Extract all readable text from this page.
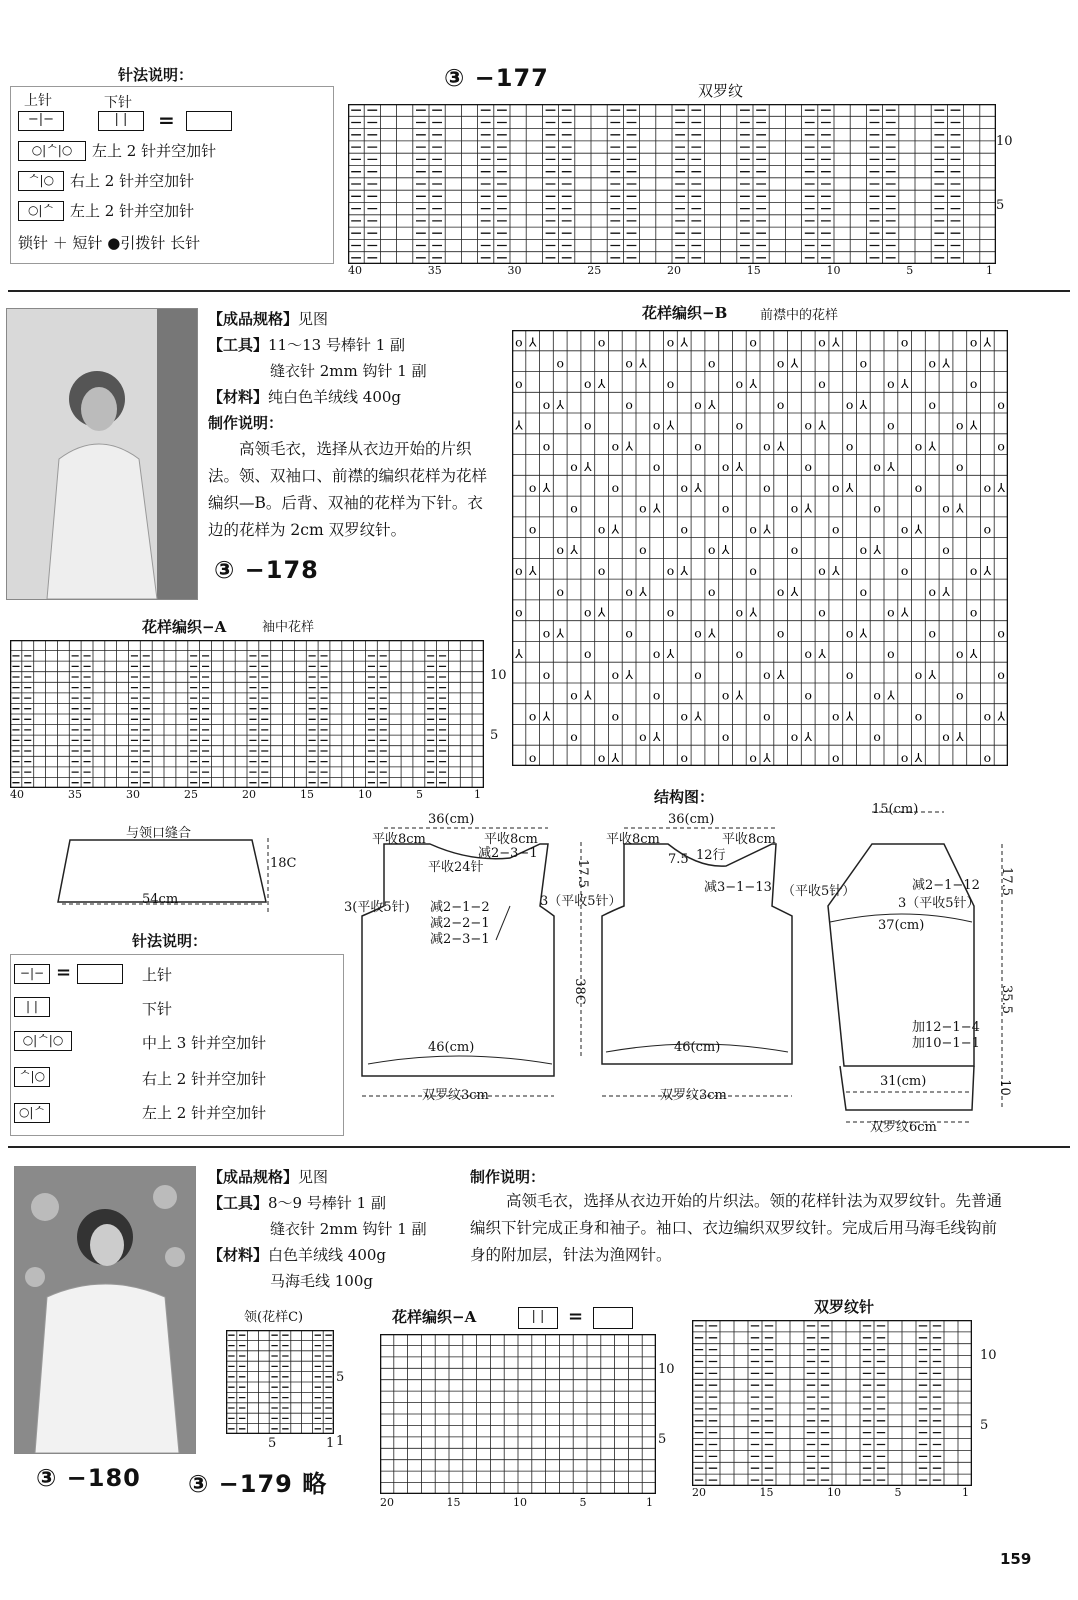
针法说明：
上针	下针
−|−	| |	=
○|ᄉ|○	左上 2 针并空加针
ᄉ|○	右上 2 针并空加针
○|ᄉ	左上 2 针并空加针
锁针 ＋ 短针 ●引拨针 长针
③ −177	双罗纹
10
5
40	35	30	25	20	15	10	5	1
【成品规格】见图
【工具】11～13 号棒针 1 副
缝衣针 2mm 钩针 1 副
【材料】纯白色羊绒线 400g
制作说明：
高领毛衣，选择从衣边开始的片织法。领、双袖口、前襟的编织花样为花样编织—B。后背、双袖的花样为下针。衣边的花样为 2cm 双罗纹针。
③ −178
花样编织−B	前襟中的花样
o
o
⅄
o
o
⅄
⅄
o
o
⅄
o
o
o
o
⅄
o
o
⅄
o
⅄
o
o
⅄
o
o
⅄
o
o
o
o
⅄
o
o
⅄
o
⅄
o
o
⅄
o
o
o
⅄
o
o
⅄
o
o
⅄
o
o
⅄
⅄
o
o
⅄
o
o
o
⅄
o
o
⅄
o
o
⅄
o
o
⅄
⅄
o
o
⅄
o
o
o
o
⅄
o
o
⅄
o
⅄
o
o
⅄
o
o
⅄
o
o
o
o
⅄
o
o
⅄
o
⅄
o
o
⅄
o
o
o
⅄
o
o
⅄
o
o
⅄
o
o
⅄
⅄
o
o
⅄
o
o
o
⅄
o
o
⅄
o
o
⅄
o
o
⅄
⅄
o
o
⅄
o
o
o
o
⅄
o
o
⅄
o
⅄
o
o
⅄
o
o
⅄
o
o
o
o
⅄
o
o
⅄
o
⅄
o
o
⅄
o
o
o
⅄
o
o
⅄
o
o
⅄
o
o
⅄
⅄
o
o
⅄
o
o
o
⅄
o
o
⅄
o
o
⅄
o
o
⅄
⅄
o
o
⅄
o
o
o
o
⅄
o
o
⅄
花样编织−A	袖中花样
10
5
40	35	30	25	20	15	10	5	1	结构图：
与领口缝合
54cm
18C
36(cm)
平收8cm	平收8cm
减2−3−1
平收24针
3(平收5针)	3（平收5针）
减2−1−2
减2−2−1
减2−3−1
17.5
38C
46(cm)
双罗纹3cm
36(cm)
平收8cm	平收8cm
7.5 12行
减3−1−13 （平收5针）
46(cm)
双罗纹3cm
15(cm)
减2−1−12
3（平收5针）
37(cm)
加12−1−4
加10−1−1
31(cm)
双罗纹6cm
17.5
35.5
10
针法说明：
−|− =	上针
| |	下针
○|ᄉ|○	中上 3 针并空加针
ᄉ|○	右上 2 针并空加针
○|ᄉ	左上 2 针并空加针
【成品规格】见图
【工具】8～9 号棒针 1 副
缝衣针 2mm 钩针 1 副
【材料】白色羊绒线 400g
马海毛线 100g
制作说明：
高领毛衣，选择从衣边开始的片织法。领的花样针法为双罗纹针。先普通编织下针完成正身和袖子。袖口、衣边编织双罗纹针。完成后用马海毛线钩前身的附加层，针法为渔网针。
领(花样C)
5
1
5	1
花样编织−A	| | =
10
5
20	15	10	5	1
双罗纹针
10
5
20	15	10	5	1
③ −180 ③ −179 略
159
